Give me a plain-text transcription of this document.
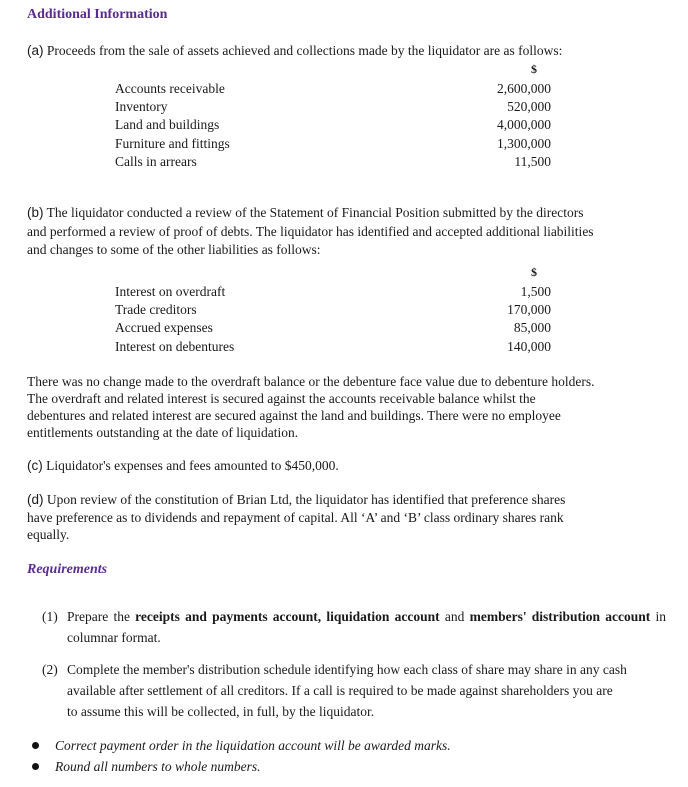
Additional Information
(a) Proceeds from the sale of assets achieved and collections made by the liquidator are as follows:
$
Accounts receivable	2,600,000
Inventory	520,000
Land and buildings	4,000,000
Furniture and fittings	1,300,000
Calls in arrears	11,500
(b) The liquidator conducted a review of the Statement of Financial Position submitted by the directors
and performed a review of proof of debts. The liquidator has identified and accepted additional liabilities
and changes to some of the other liabilities as follows:
$
Interest on overdraft	1,500
Trade creditors	170,000
Accrued expenses	85,000
Interest on debentures	140,000
There was no change made to the overdraft balance or the debenture face value due to debenture holders.
The overdraft and related interest is secured against the accounts receivable balance whilst the
debentures and related interest are secured against the land and buildings. There were no employee
entitlements outstanding at the date of liquidation.
(c) Liquidator's expenses and fees amounted to $450,000.
(d) Upon review of the constitution of Brian Ltd, the liquidator has identified that preference shares
have preference as to dividends and repayment of capital. All ‘A’ and ‘B’ class ordinary shares rank
equally.
Requirements
(1) Prepare the receipts and payments account, liquidation account and members' distribution account in columnar format.
(2) Complete the member's distribution schedule identifying how each class of share may share in any cash
available after settlement of all creditors. If a call is required to be made against shareholders you are
to assume this will be collected, in full, by the liquidator.
Correct payment order in the liquidation account will be awarded marks.
Round all numbers to whole numbers.
